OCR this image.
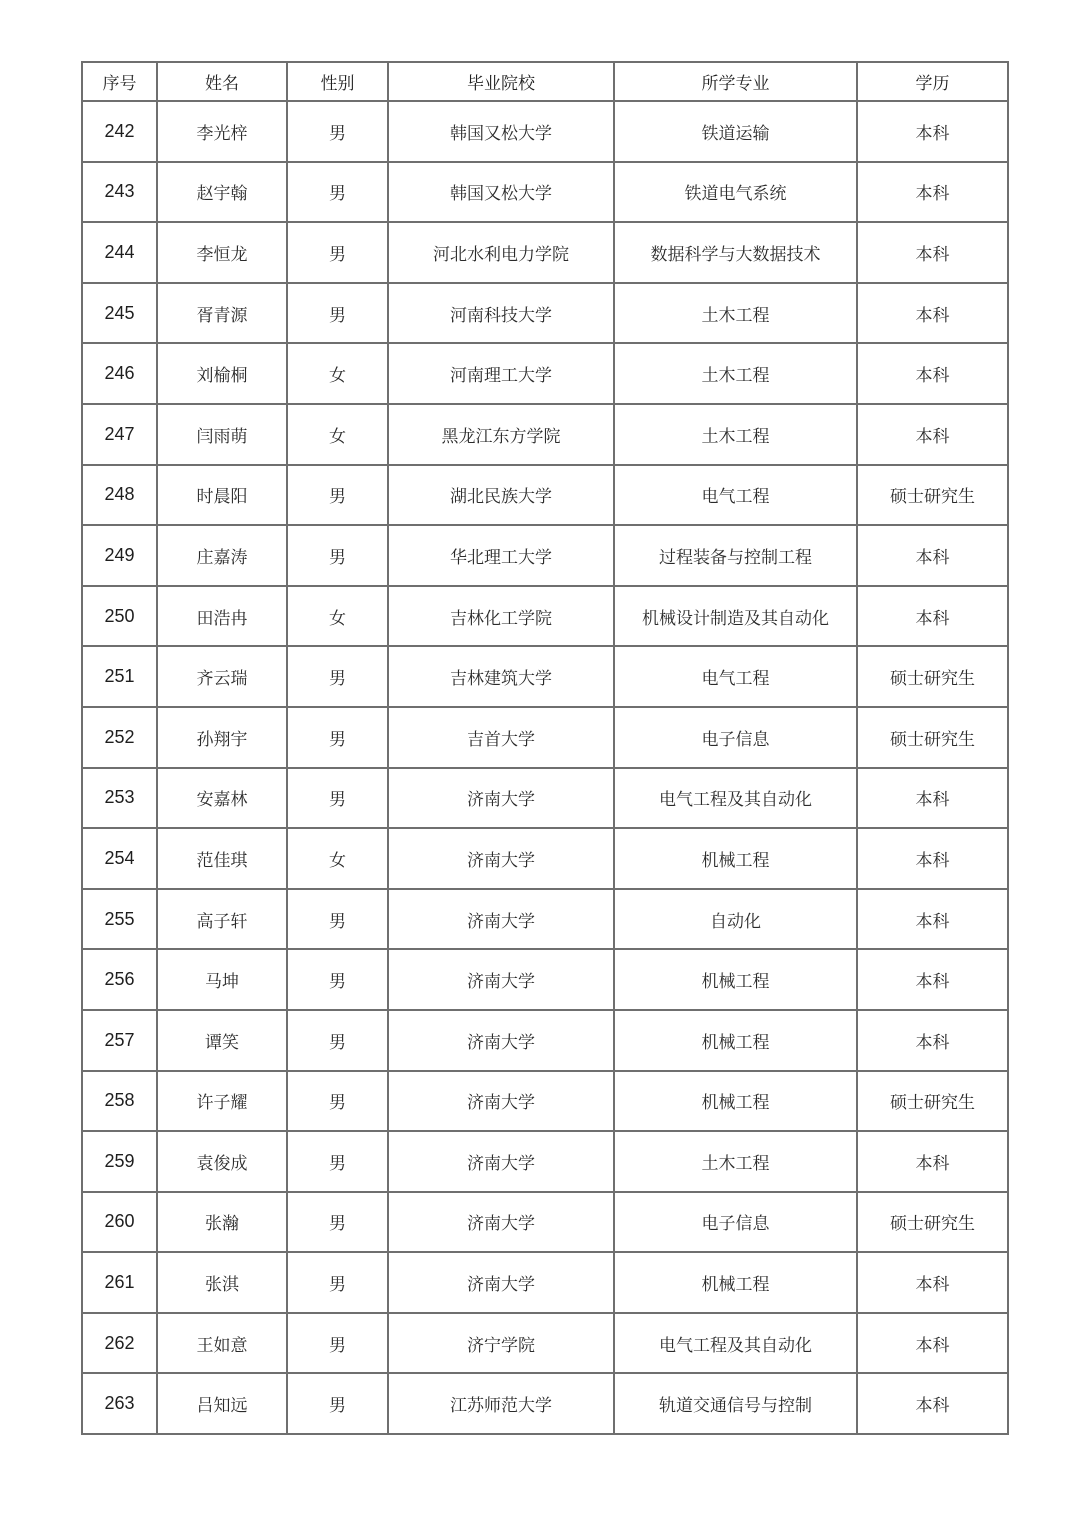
序号	姓名	性别	毕业院校	所学专业	学历
242	李光梓	男	韩国又松大学	铁道运输	本科
243	赵宇翰	男	韩国又松大学	铁道电气系统	本科
244	李恒龙	男	河北水利电力学院	数据科学与大数据技术	本科
245	胥青源	男	河南科技大学	土木工程	本科
246	刘榆桐	女	河南理工大学	土木工程	本科
247	闫雨萌	女	黑龙江东方学院	土木工程	本科
248	时晨阳	男	湖北民族大学	电气工程	硕士研究生
249	庄嘉涛	男	华北理工大学	过程装备与控制工程	本科
250	田浩冉	女	吉林化工学院	机械设计制造及其自动化	本科
251	齐云瑞	男	吉林建筑大学	电气工程	硕士研究生
252	孙翔宇	男	吉首大学	电子信息	硕士研究生
253	安嘉林	男	济南大学	电气工程及其自动化	本科
254	范佳琪	女	济南大学	机械工程	本科
255	高子轩	男	济南大学	自动化	本科
256	马坤	男	济南大学	机械工程	本科
257	谭笑	男	济南大学	机械工程	本科
258	许子耀	男	济南大学	机械工程	硕士研究生
259	袁俊成	男	济南大学	土木工程	本科
260	张瀚	男	济南大学	电子信息	硕士研究生
261	张淇	男	济南大学	机械工程	本科
262	王如意	男	济宁学院	电气工程及其自动化	本科
263	吕知远	男	江苏师范大学	轨道交通信号与控制	本科
